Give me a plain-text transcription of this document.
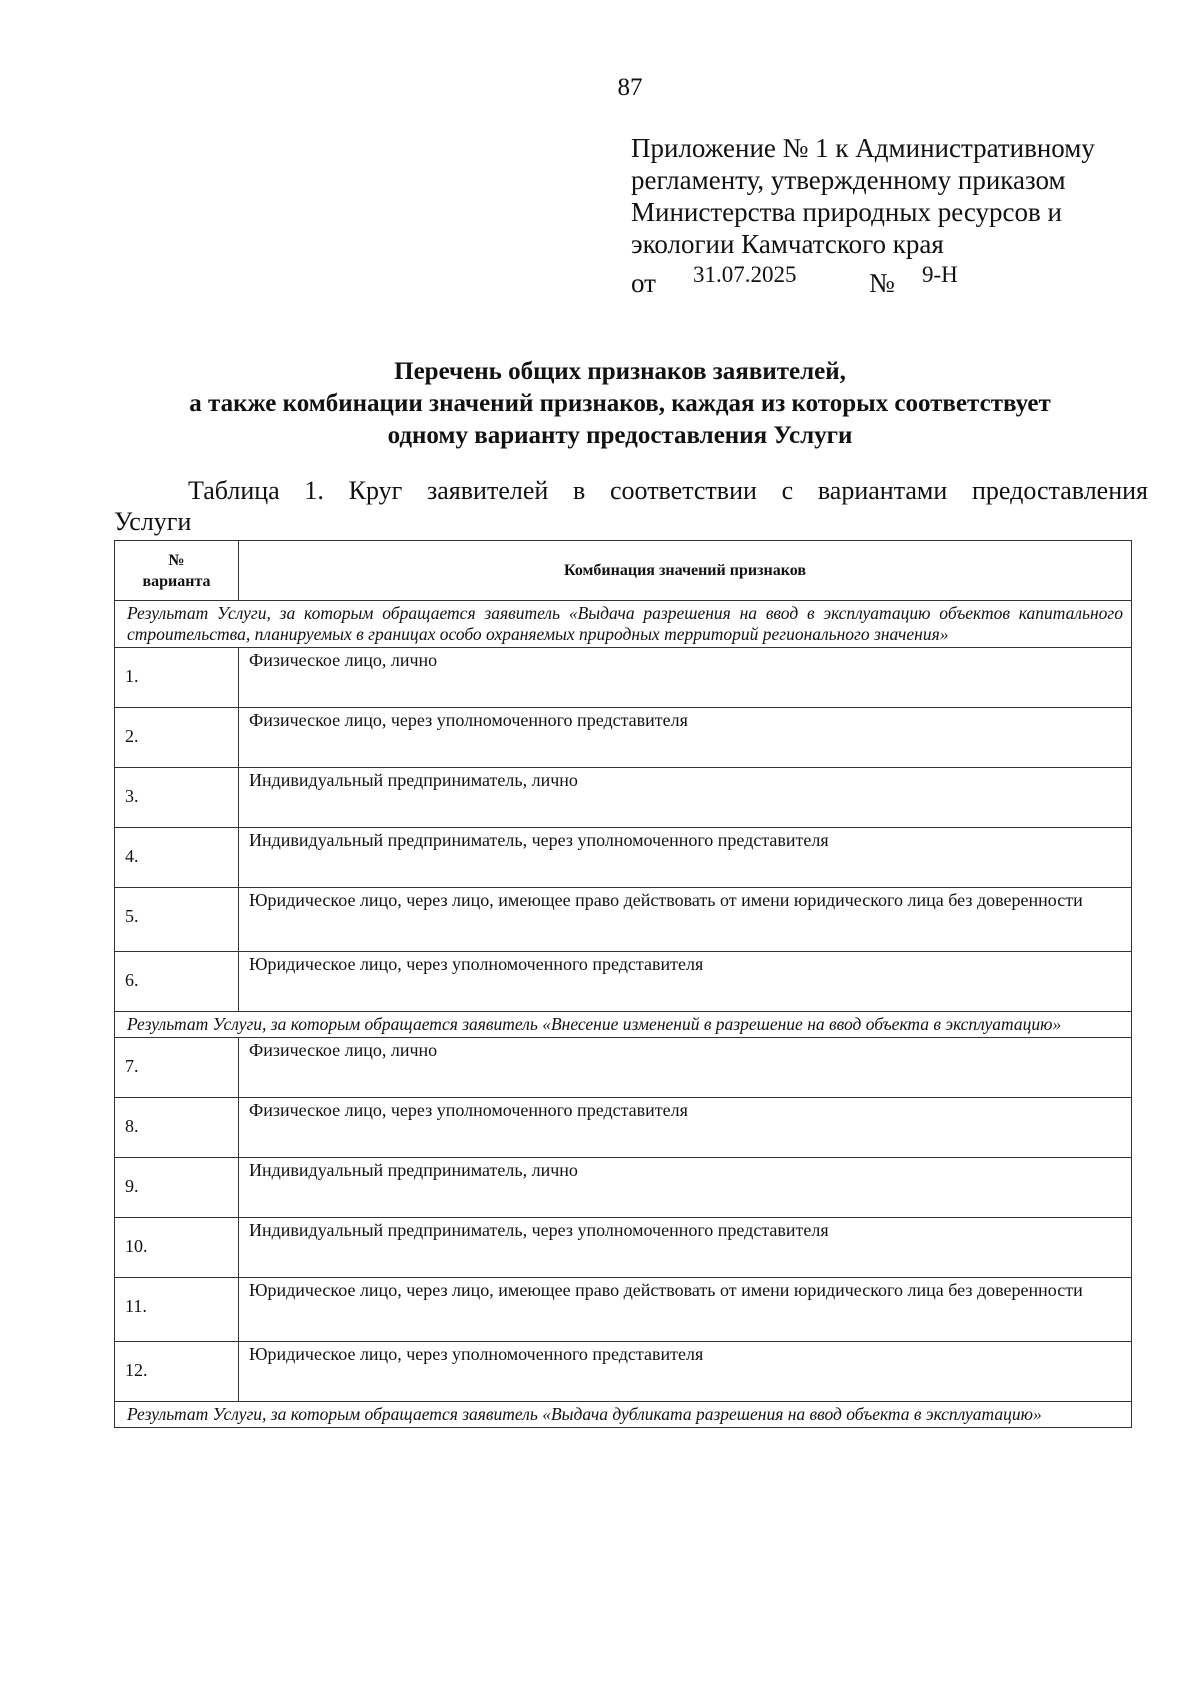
87
Приложение № 1 к Административному
регламенту, утвержденному приказом
Министерства природных ресурсов и
экологии Камчатского края
от 31.07.2025	№ 9-Н
Перечень общих признаков заявителей,
а также комбинации значений признаков, каждая из которых соответствует
одному варианту предоставления Услуги
Таблица 1. Круг заявителей в соответствии с вариантами предоставления
Услуги
№
варианта	Комбинация значений признаков
Результат Услуги, за которым обращается заявитель «Выдача разрешения на ввод в эксплуатацию объектов капитального строительства, планируемых в границах особо охраняемых природных территорий регионального значения»	
1.	Физическое лицо, лично
2.	Физическое лицо, через уполномоченного представителя
3.	Индивидуальный предприниматель, лично
4.	Индивидуальный предприниматель, через уполномоченного представителя
5.	Юридическое лицо, через лицо, имеющее право действовать от имени юридического лица без доверенности
6.	Юридическое лицо, через уполномоченного представителя
Результат Услуги, за которым обращается заявитель «Внесение изменений в разрешение на ввод объекта в эксплуатацию»	
7.	Физическое лицо, лично
8.	Физическое лицо, через уполномоченного представителя
9.	Индивидуальный предприниматель, лично
10.	Индивидуальный предприниматель, через уполномоченного представителя
11.	Юридическое лицо, через лицо, имеющее право действовать от имени юридического лица без доверенности
12.	Юридическое лицо, через уполномоченного представителя
Результат Услуги, за которым обращается заявитель «Выдача дубликата разрешения на ввод объекта в эксплуатацию»	
